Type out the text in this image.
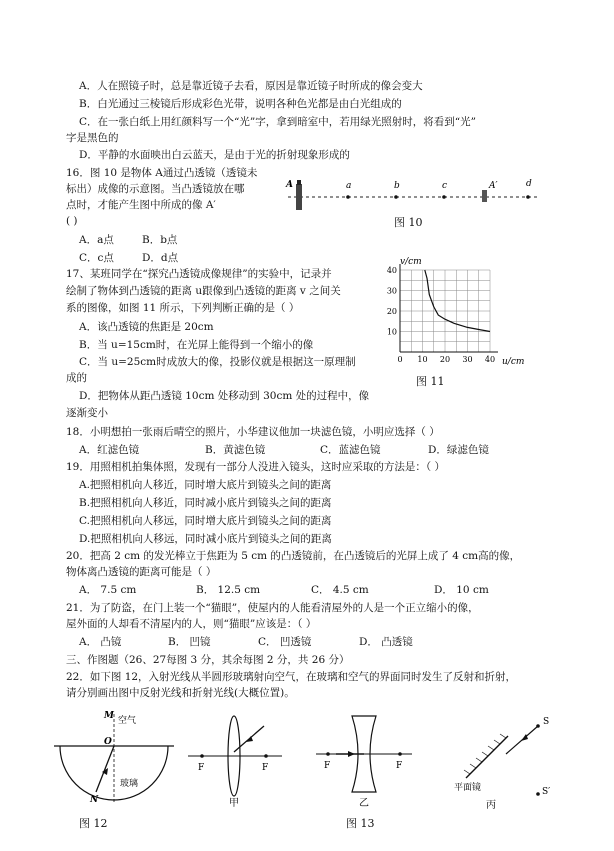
A．人在照镜子时，总是靠近镜子去看，原因是靠近镜子时所成的像会变大
B．白光通过三棱镜后形成彩色光带，说明各种色光都是由白光组成的
C．在一张白纸上用红颜料写一个“光”字，拿到暗室中，若用绿光照射时，将看到“光”
字是黑色的
D．平静的水面映出白云蓝天，是由于光的折射现象形成的
16．图 10 是物体 A通过凸透镜（透镜未
标出）成像的示意图。当凸透镜放在哪
点时，才能产生图中所成的像 A′
( )
A．a点	B．b点
C．c点	D．d点
A	a	b	c	A′	d
图 10
17、某班同学在“探究凸透镜成像规律”的实验中，记录并
绘制了物体到凸透镜的距离 u跟像到凸透镜的距离 v 之间关
系的图像，如图 11 所示，下列判断正确的是（ ）
A．该凸透镜的焦距是 20cm
B．当 u=15cm时，在光屏上能得到一个缩小的像
C．当 u=25cm时成放大的像，投影仪就是根据这一原理制
成的
D．把物体从距凸透镜 10cm 处移动到 30cm 处的过程中，像
逐渐变小
0 10 20 30 40
10
20
30
40
v/cm
u/cm
图 11
18．小明想拍一张雨后晴空的照片，小华建议他加一块滤色镜，小明应选择（ ）
A．红滤色镜	B．黄滤色镜	C．蓝滤色镜	D．绿滤色镜
19．用照相机拍集体照，发现有一部分人没进入镜头，这时应采取的方法是：（ ）
A.把照相机向人移近，同时增大底片到镜头之间的距离
B.把照相机向人移近，同时减小底片到镜头之间的距离
C.把照相机向人移远，同时增大底片到镜头之间的距离
D.把照相机向人移远，同时减小底片到镜头之间的距离
20．把高 2 cm 的发光棒立于焦距为 5 cm 的凸透镜前，在凸透镜后的光屏上成了 4 cm高的像，
物体离凸透镜的距离可能是（ ）
A． 7.5 cm	B． 12.5 cm	C． 4.5 cm	D． 10 cm
21．为了防盗，在门上装一个“猫眼”，使屋内的人能看清屋外的人是一个正立缩小的像，
屋外面的人却看不清屋内的人，则“猫眼”应该是：（ ）
A． 凸镜	B． 凹镜	C． 凹透镜	D． 凸透镜
三、作图题（26、27每图 3 分，其余每图 2 分，共 26 分）
22．如下图 12，入射光线从半圆形玻璃射向空气，在玻璃和空气的界面同时发生了反射和折射，
请分别画出图中反射光线和折射光线(大概位置)。
M 空气
O
N
玻璃
图 12
F	F
甲
F	F
乙
图 13
S
平面镜
丙
S′
